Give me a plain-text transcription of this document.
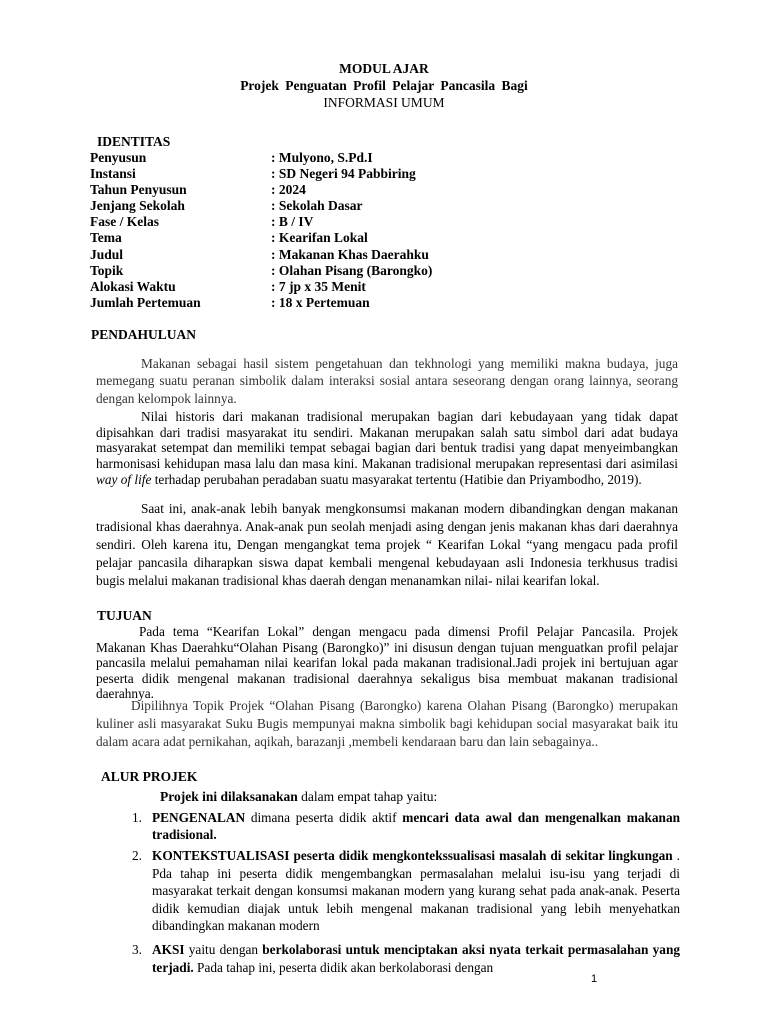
MODUL AJAR
Projek Penguatan Profil Pelajar Pancasila Bagi
INFORMASI UMUM
IDENTITAS
Penyusun	: Mulyono, S.Pd.I
Instansi	: SD Negeri 94 Pabbiring
Tahun Penyusun	: 2024
Jenjang Sekolah	: Sekolah Dasar
Fase / Kelas	: B / IV
Tema	: Kearifan Lokal
Judul	: Makanan Khas Daerahku
Topik	: Olahan Pisang (Barongko)
Alokasi Waktu	: 7 jp x 35 Menit
Jumlah Pertemuan	: 18 x Pertemuan
PENDAHULUAN

Makanan sebagai hasil sistem pengetahuan dan tekhnologi yang memiliki makna budaya, juga memegang suatu peranan simbolik dalam interaksi sosial antara seseorang dengan orang lainnya, seorang dengan kelompok lainnya.

Nilai historis dari makanan tradisional merupakan bagian dari kebudayaan yang tidak dapat dipisahkan dari tradisi masyarakat itu sendiri. Makanan merupakan salah satu simbol dari adat budaya masyarakat setempat dan memiliki tempat sebagai bagian dari bentuk tradisi yang dapat menyeimbangkan harmonisasi kehidupan masa lalu dan masa kini. Makanan tradisional merupakan representasi dari asimilasi way of life terhadap perubahan peradaban suatu masyarakat tertentu (Hatibie dan Priyambodho, 2019).

Saat ini, anak-anak lebih banyak mengkonsumsi makanan modern dibandingkan dengan makanan tradisional khas daerahnya. Anak-anak pun seolah menjadi asing dengan jenis makanan khas dari daerahnya sendiri. Oleh karena itu, Dengan mengangkat tema projek “ Kearifan Lokal “yang mengacu pada profil pelajar pancasila diharapkan siswa dapat kembali mengenal kebudayaan asli Indonesia terkhusus tradisi bugis melalui makanan tradisional khas daerah dengan menanamkan nilai- nilai kearifan lokal.

TUJUAN

Pada tema “Kearifan Lokal” dengan mengacu pada dimensi Profil Pelajar Pancasila. Projek Makanan Khas Daerahku“Olahan Pisang (Barongko)” ini disusun dengan tujuan menguatkan profil pelajar pancasila melalui pemahaman nilai kearifan lokal pada makanan tradisional.Jadi projek ini bertujuan agar peserta didik mengenal makanan tradisional daerahnya sekaligus bisa membuat makanan tradisional daerahnya.

Dipilihnya Topik Projek “Olahan Pisang (Barongko) karena Olahan Pisang (Barongko) merupakan kuliner asli masyarakat Suku Bugis mempunyai makna simbolik bagi kehidupan social masyarakat baik itu dalam acara adat pernikahan, aqikah, barazanji ,membeli kendaraan baru dan lain sebagainya..

ALUR PROJEK
Projek ini dilaksanakan dalam empat tahap yaitu:
1. PENGENALAN dimana peserta didik aktif mencari data awal dan mengenalkan makanan tradisional.
2. KONTEKSTUALISASI peserta didik mengkontekssualisasi masalah di sekitar lingkungan . Pda tahap ini peserta didik mengembangkan permasalahan melalui isu-isu yang terjadi di masyarakat terkait dengan konsumsi makanan modern yang kurang sehat pada anak-anak. Peserta didik kemudian diajak untuk lebih mengenal makanan tradisional yang lebih menyehatkan dibandingkan makanan modern
3. AKSI yaitu dengan berkolaborasi untuk menciptakan aksi nyata terkait permasalahan yang terjadi. Pada tahap ini, peserta didik akan berkolaborasi dengan
1
